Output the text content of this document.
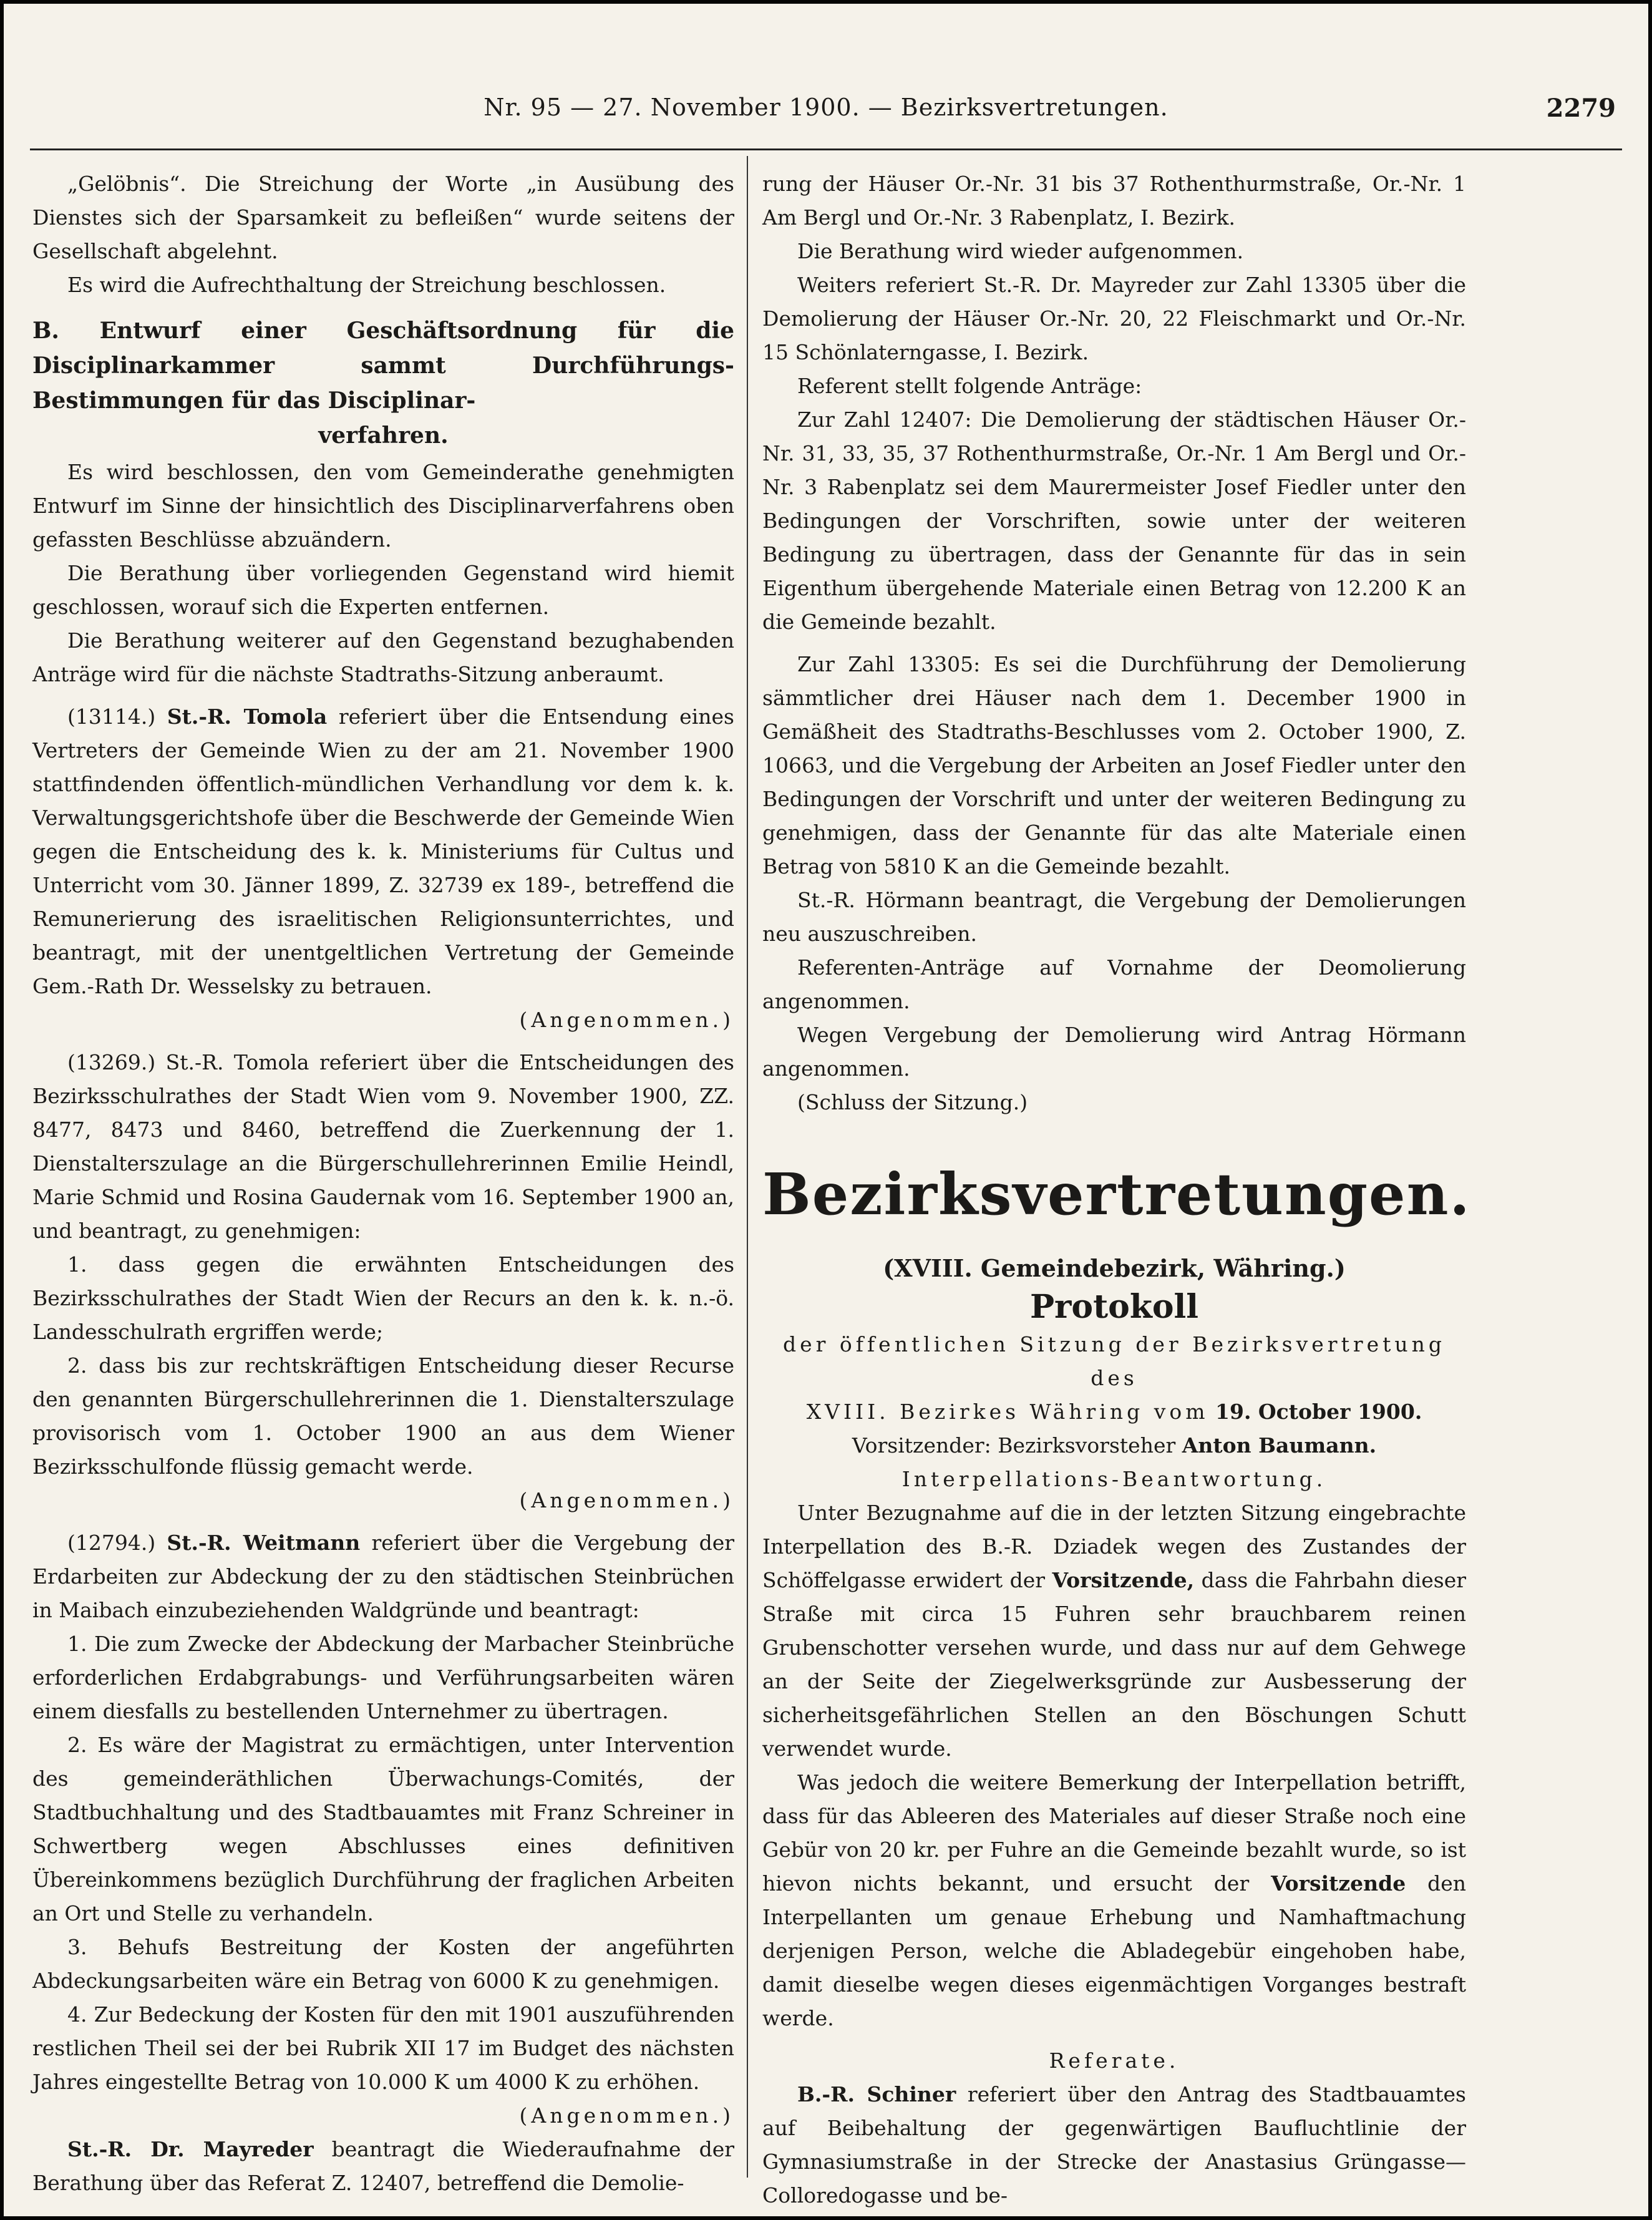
Nr. 95 — 27. November 1900. — Bezirksvertretungen.	2279

„Gelöbnis“. Die Streichung der Worte „in Ausübung des Dienstes sich der Sparsamkeit zu befleißen“ wurde seitens der Gesellschaft abgelehnt.

Es wird die Aufrechthaltung der Streichung beschlossen.

B. Entwurf einer Geschäftsordnung für die Disciplinarkammer sammt Durchführungs-Bestimmungen für das Disciplinar-
verfahren.

Es wird beschlossen, den vom Gemeinderathe genehmigten Entwurf im Sinne der hinsichtlich des Disciplinarverfahrens oben gefassten Beschlüsse abzuändern.

Die Berathung über vorliegenden Gegenstand wird hiemit geschlossen, worauf sich die Experten entfernen.

Die Berathung weiterer auf den Gegenstand bezughabenden Anträge wird für die nächste Stadtraths-Sitzung anberaumt.

(13114.) St.-R. Tomola referiert über die Entsendung eines Vertreters der Gemeinde Wien zu der am 21. November 1900 stattfindenden öffentlich-mündlichen Verhandlung vor dem k. k. Verwaltungsgerichtshofe über die Beschwerde der Gemeinde Wien gegen die Entscheidung des k. k. Ministeriums für Cultus und Unterricht vom 30. Jänner 1899, Z. 32739 ex 189-, betreffend die Remunerierung des israelitischen Religionsunterrichtes, und beantragt, mit der unentgeltlichen Vertretung der Gemeinde Gem.-Rath Dr. Wesselsky zu betrauen.

(Angenommen.)

(13269.) St.-R. Tomola referiert über die Entscheidungen des Bezirksschulrathes der Stadt Wien vom 9. November 1900, ZZ. 8477, 8473 und 8460, betreffend die Zuerkennung der 1. Dienstalterszulage an die Bürgerschullehrerinnen Emilie Heindl, Marie Schmid und Rosina Gaudernak vom 16. September 1900 an, und beantragt, zu genehmigen:

1. dass gegen die erwähnten Entscheidungen des Bezirksschulrathes der Stadt Wien der Recurs an den k. k. n.-ö. Landesschulrath ergriffen werde;

2. dass bis zur rechtskräftigen Entscheidung dieser Recurse den genannten Bürgerschullehrerinnen die 1. Dienstalterszulage provisorisch vom 1. October 1900 an aus dem Wiener Bezirksschulfonde flüssig gemacht werde.

(Angenommen.)

(12794.) St.-R. Weitmann referiert über die Vergebung der Erdarbeiten zur Abdeckung der zu den städtischen Steinbrüchen in Maibach einzubeziehenden Waldgründe und beantragt:

1. Die zum Zwecke der Abdeckung der Marbacher Steinbrüche erforderlichen Erdabgrabungs- und Verführungsarbeiten wären einem diesfalls zu bestellenden Unternehmer zu übertragen.

2. Es wäre der Magistrat zu ermächtigen, unter Intervention des gemeinderäthlichen Überwachungs-Comités, der Stadtbuchhaltung und des Stadtbauamtes mit Franz Schreiner in Schwertberg wegen Abschlusses eines definitiven Übereinkommens bezüglich Durchführung der fraglichen Arbeiten an Ort und Stelle zu verhandeln.

3. Behufs Bestreitung der Kosten der angeführten Abdeckungsarbeiten wäre ein Betrag von 6000 K zu genehmigen.

4. Zur Bedeckung der Kosten für den mit 1901 auszuführenden restlichen Theil sei der bei Rubrik XII 17 im Budget des nächsten Jahres eingestellte Betrag von 10.000 K um 4000 K zu erhöhen.

(Angenommen.)

St.-R. Dr. Mayreder beantragt die Wiederaufnahme der Berathung über das Referat Z. 12407, betreffend die Demolie-

rung der Häuser Or.-Nr. 31 bis 37 Rothenthurmstraße, Or.-Nr. 1 Am Bergl und Or.-Nr. 3 Rabenplatz, I. Bezirk.

Die Berathung wird wieder aufgenommen.

Weiters referiert St.-R. Dr. Mayreder zur Zahl 13305 über die Demolierung der Häuser Or.-Nr. 20, 22 Fleischmarkt und Or.-Nr. 15 Schönlaterngasse, I. Bezirk.

Referent stellt folgende Anträge:

Zur Zahl 12407: Die Demolierung der städtischen Häuser Or.-Nr. 31, 33, 35, 37 Rothenthurmstraße, Or.-Nr. 1 Am Bergl und Or.-Nr. 3 Rabenplatz sei dem Maurermeister Josef Fiedler unter den Bedingungen der Vorschriften, sowie unter der weiteren Bedingung zu übertragen, dass der Genannte für das in sein Eigenthum übergehende Materiale einen Betrag von 12.200 K an die Gemeinde bezahlt.

Zur Zahl 13305: Es sei die Durchführung der Demolierung sämmtlicher drei Häuser nach dem 1. December 1900 in Gemäßheit des Stadtraths-Beschlusses vom 2. October 1900, Z. 10663, und die Vergebung der Arbeiten an Josef Fiedler unter den Bedingungen der Vorschrift und unter der weiteren Bedingung zu genehmigen, dass der Genannte für das alte Materiale einen Betrag von 5810 K an die Gemeinde bezahlt.

St.-R. Hörmann beantragt, die Vergebung der Demolierungen neu auszuschreiben.

Referenten-Anträge auf Vornahme der Deomolierung angenommen.

Wegen Vergebung der Demolierung wird Antrag Hörmann angenommen.

(Schluss der Sitzung.)

Bezirksvertretungen.
(XVIII. Gemeindebezirk, Währing.)
Protokoll

der öffentlichen Sitzung der Bezirksvertretung des

XVIII. Bezirkes Währing vom 19. October 1900.

Vorsitzender: Bezirksvorsteher Anton Baumann.

Interpellations-Beantwortung.

Unter Bezugnahme auf die in der letzten Sitzung eingebrachte Interpellation des B.-R. Dziadek wegen des Zustandes der Schöffelgasse erwidert der Vorsitzende, dass die Fahrbahn dieser Straße mit circa 15 Fuhren sehr brauchbarem reinen Grubenschotter versehen wurde, und dass nur auf dem Gehwege an der Seite der Ziegelwerksgründe zur Ausbesserung der sicherheitsgefährlichen Stellen an den Böschungen Schutt verwendet wurde.

Was jedoch die weitere Bemerkung der Interpellation betrifft, dass für das Ableeren des Materiales auf dieser Straße noch eine Gebür von 20 kr. per Fuhre an die Gemeinde bezahlt wurde, so ist hievon nichts bekannt, und ersucht der Vorsitzende den Interpellanten um genaue Erhebung und Namhaftmachung derjenigen Person, welche die Abladegebür eingehoben habe, damit dieselbe wegen dieses eigenmächtigen Vorganges bestraft werde.

Referate.

B.-R. Schiner referiert über den Antrag des Stadtbauamtes auf Beibehaltung der gegenwärtigen Baufluchtlinie der Gymnasiumstraße in der Strecke der Anastasius Grüngasse—Colloredogasse und be-
